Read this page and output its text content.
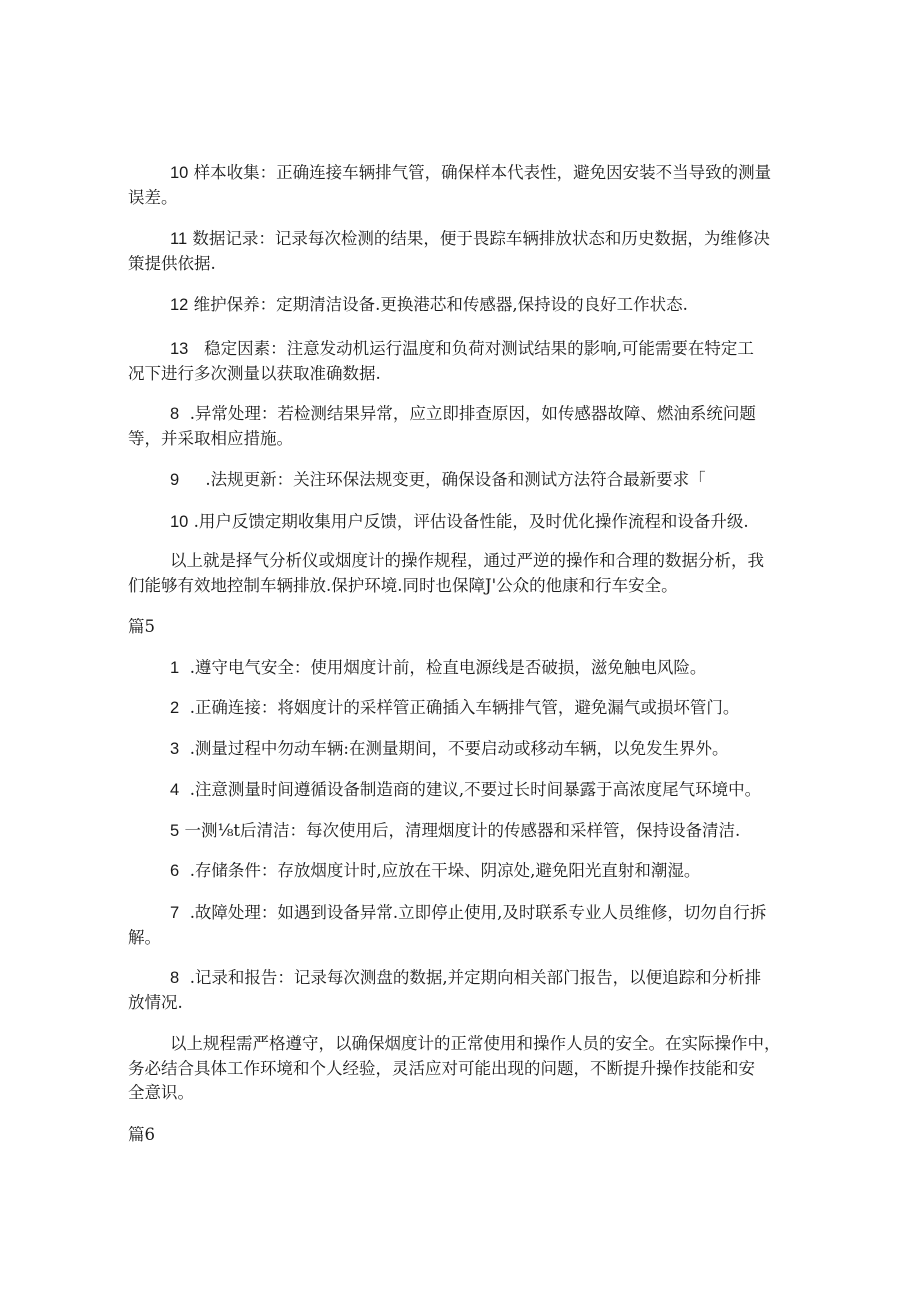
10 样本收集：正确连接车辆排气管，确保样本代表性，避免因安装不当导致的测量
误差。
11 数据记录：记录每次检测的结果，便于畏踪车辆排放状态和历史数据，为维修决
策提供依据.
12 维护保养：定期清洁设备.更换港芯和传感器,保持设的良好工作状态.
13 稳定因素：注意发动机运行温度和负荷对测试结果的影响,可能需要在特定工
况下进行多次测量以获取准确数据.
8 .异常处理：若检测结果异常，应立即排查原因，如传感器故障、燃油系统问题
等，并采取相应措施。
9 .法规更新：关注环保法规变更，确保设备和测试方法符合最新要求「
10 .用户反馈定期收集用户反馈，评估设备性能，及时优化操作流程和设备升级.
以上就是择气分析仪或烟度计的操作规程，通过严逆的操作和合理的数据分析，我
们能够有效地控制车辆排放.保护环境.同时也保障J'公众的他康和行车安全。
篇5
1 .遵守电气安全：使用烟度计前，检直电源线是否破损，滋免触电风险。
2 .正确连接：将姻度计的采样管正确插入车辆排气管，避免漏气或损坏管门。
3 .测量过程中勿动车辆:在测量期间，不要启动或移动车辆，以免发生界外。
4 .注意测量时间遵循设备制造商的建议,不要过长时间暴露于高浓度尾气环境中。
5 一测⅛t后清洁：每次使用后，清理烟度计的传感器和采样管，保持设备清洁.
6 .存储条件：存放烟度计时,应放在干垛、阴凉处,避免阳光直射和潮湿。
7 .故障处理：如遇到设备异常.立即停止使用,及时联系专业人员维修，切勿自行拆
解。
8 .记录和报告：记录每次测盘的数据,并定期向相关部门报告，以便追踪和分析排
放情况.
以上规程需严格遵守，以确保烟度计的正常使用和操作人员的安全。在实际操作中，
务必结合具体工作环境和个人经验，灵活应对可能出现的问题，不断提升操作技能和安
全意识。
篇6
